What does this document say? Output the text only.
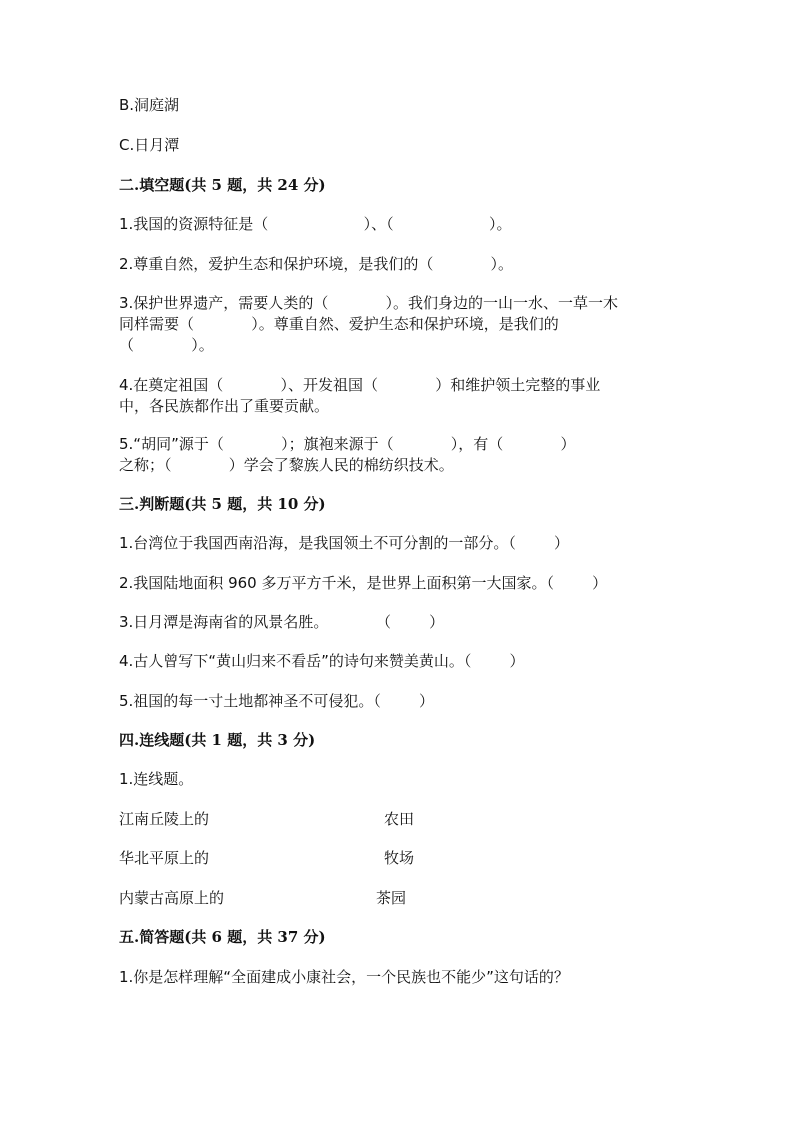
B.洞庭湖

C.日月潭

二.填空题(共 5 题，共 24 分)

1.我国的资源特征是（                    ）、（                    ）。

2.尊重自然，爱护生态和保护环境，是我们的（            ）。

3.保护世界遗产，需要人类的（            ）。我们身边的一山一水、一草一木

同样需要（            ）。尊重自然、爱护生态和保护环境，是我们的

（            ）。

4.在奠定祖国（            ）、开发祖国（            ）和维护领土完整的事业

中，各民族都作出了重要贡献。

5.“胡同”源于（            ）；旗袍来源于（            ），有（            ）

之称；（            ）学会了黎族人民的棉纺织技术。

三.判断题(共 5 题，共 10 分)

1.台湾位于我国西南沿海，是我国领土不可分割的一部分。（        ）

2.我国陆地面积 960 多万平方千米，是世界上面积第一大国家。（        ）

3.日月潭是海南省的风景名胜。          （        ）

4.古人曾写下“黄山归来不看岳”的诗句来赞美黄山。（        ）

5.祖国的每一寸土地都神圣不可侵犯。（        ）

四.连线题(共 1 题，共 3 分)

1.连线题。

江南丘陵上的	农田

华北平原上的	牧场

内蒙古高原上的	茶园

五.简答题(共 6 题，共 37 分)

1.你是怎样理解“全面建成小康社会，一个民族也不能少”这句话的？
